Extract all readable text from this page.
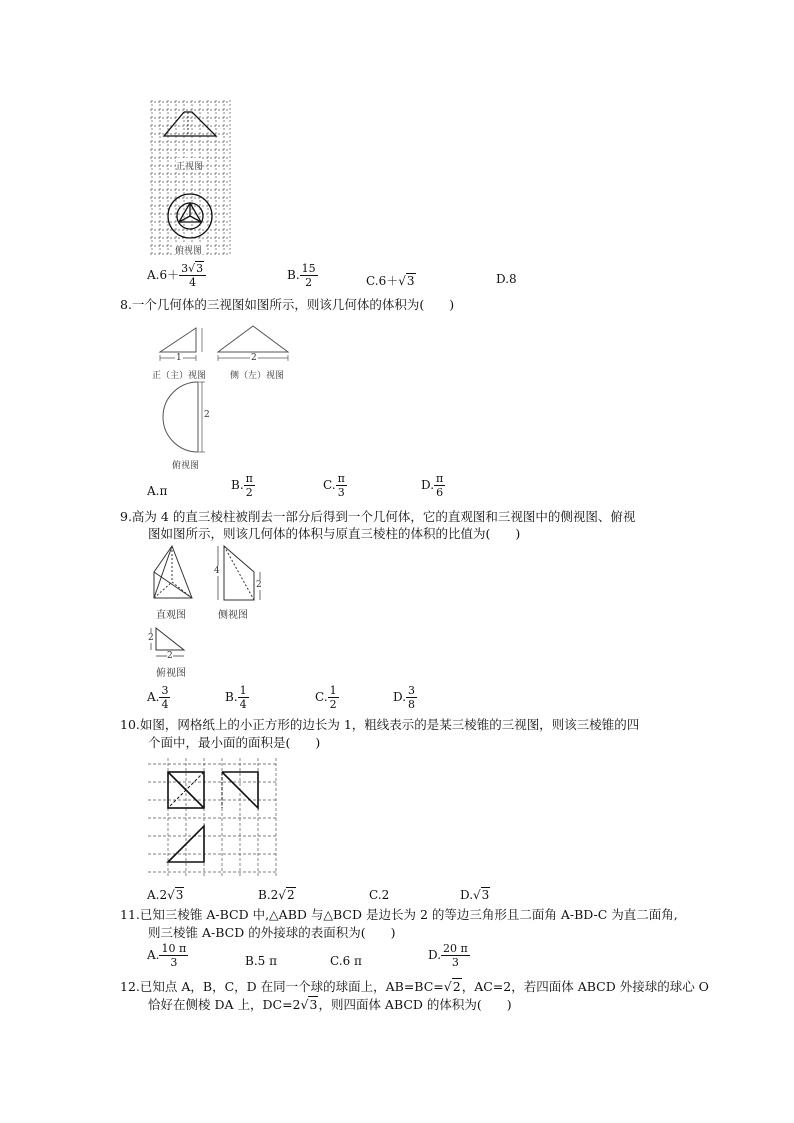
正视图
俯视图
$A.6+ \frac{3√3}{4}$	B. $\frac{15}{2}$	C.6＋√3	D.8
8.一个几何体的三视图如图所示，则该几何体的体积为(　　)
1	2
2
正（主）视图	侧（左）视图
俯视图
A.π	B. $\frac{\pi}{2}$	C. $\frac{\pi}{3}$	D. $\frac{\pi}{6}$
9.高为 4 的直三棱柱被削去一部分后得到一个几何体，它的直观图和三视图中的侧视图、俯视
图如图所示，则该几何体的体积与原直三棱柱的体积的比值为(　　)
直观图	侧视图
4
2
2
2
俯视图
A. $\frac{3}{4}$	B. $\frac{1}{4}$	C. $\frac{1}{2}$	D. $\frac{3}{8}$
10.如图，网格纸上的小正方形的边长为 1，粗线表示的是某三棱锥的三视图，则该三棱锥的四
个面中，最小面的面积是(　　)
A.2√3	B.2√2	C.2	D.√3
11.已知三棱锥 A-BCD 中,△ABD 与△BCD 是边长为 2 的等边三角形且二面角 A-BD-C 为直二面角,
则三棱锥 A-BCD 的外接球的表面积为(　　)
A. $\frac{10 \pi}{3}$	B.5 π	C.6 π	D. $\frac{20 \pi}{3}$
12.已知点 A，B，C，D 在同一个球的球面上，AB=BC=√2，AC=2，若四面体 ABCD 外接球的球心 O
恰好在侧棱 DA 上，DC=2√3，则四面体 ABCD 的体积为(　　)
